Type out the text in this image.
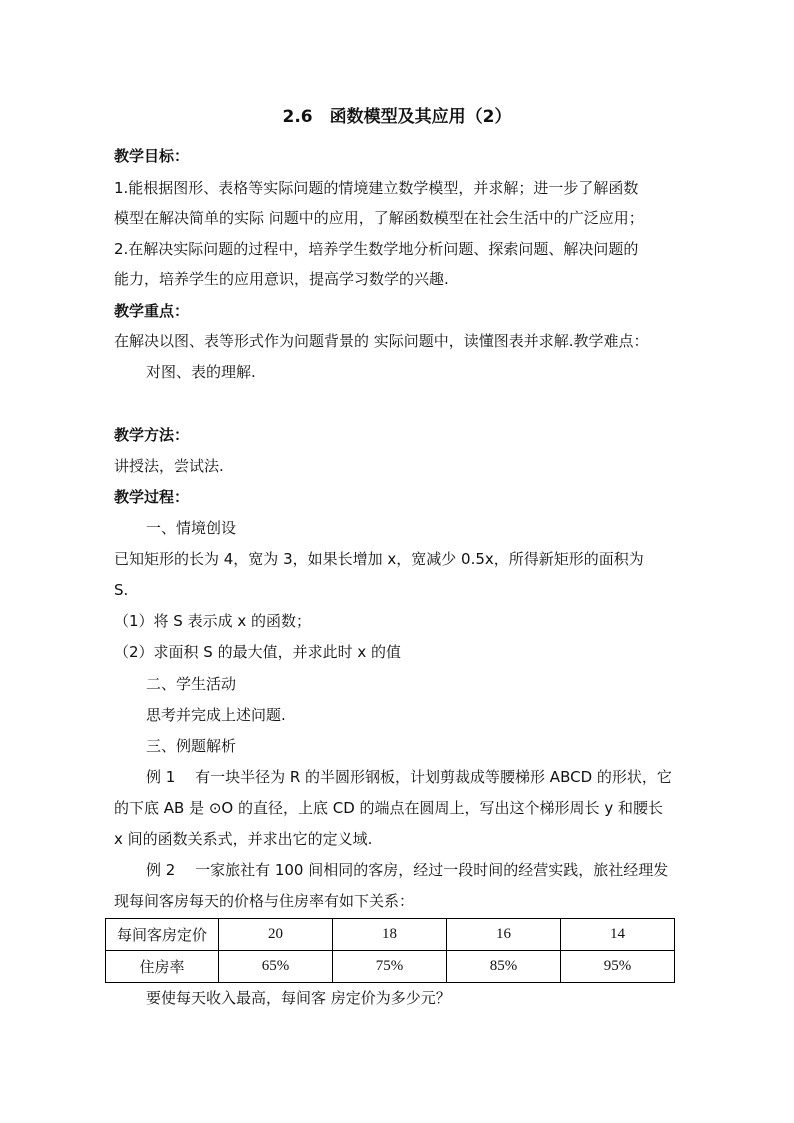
2.6　函数模型及其应用（2）
教学目标：
1.能根据图形、表格等实际问题的情境建立数学模型，并求解；进一步了解函数
模型在解决简单的实际 问题中的应用，了解函数模型在社会生活中的广泛应用；
2.在解决实际问题的过程中，培养学生数学地分析问题、探索问题、解决问题的
能力，培养学生的应用意识，提高学习数学的兴趣.
教学重点：
在解决以图、表等形式作为问题背景的 实际问题中，读懂图表并求解.教学难点：
对图、表的理解.
教学方法：
讲授法，尝试法.
教学过程：
一、情境创设
已知矩形的长为 4，宽为 3，如果长增加 x，宽减少 0.5x，所得新矩形的面积为
S.
（1）将 S 表示成 x 的函数；
（2）求面积 S 的最大值，并求此时 x 的值
二、学生活动
思考并完成上述问题.
三、例题解析
例 1　 有一块半径为 R 的半圆形钢板，计划剪裁成等腰梯形 ABCD 的形状，它
的下底 AB 是 ⊙O 的直径，上底 CD 的端点在圆周上，写出这个梯形周长 y 和腰长
x 间的函数关系式，并求出它的定义域.
例 2　 一家旅社有 100 间相同的客房，经过一段时间的经营实践，旅社经理发
现每间客房每天的价格与住房率有如下关系：
每间客房定价	20	18	16	14
住房率	65%	75%	85%	95%
要使每天收入最高，每间客 房定价为多少元？
